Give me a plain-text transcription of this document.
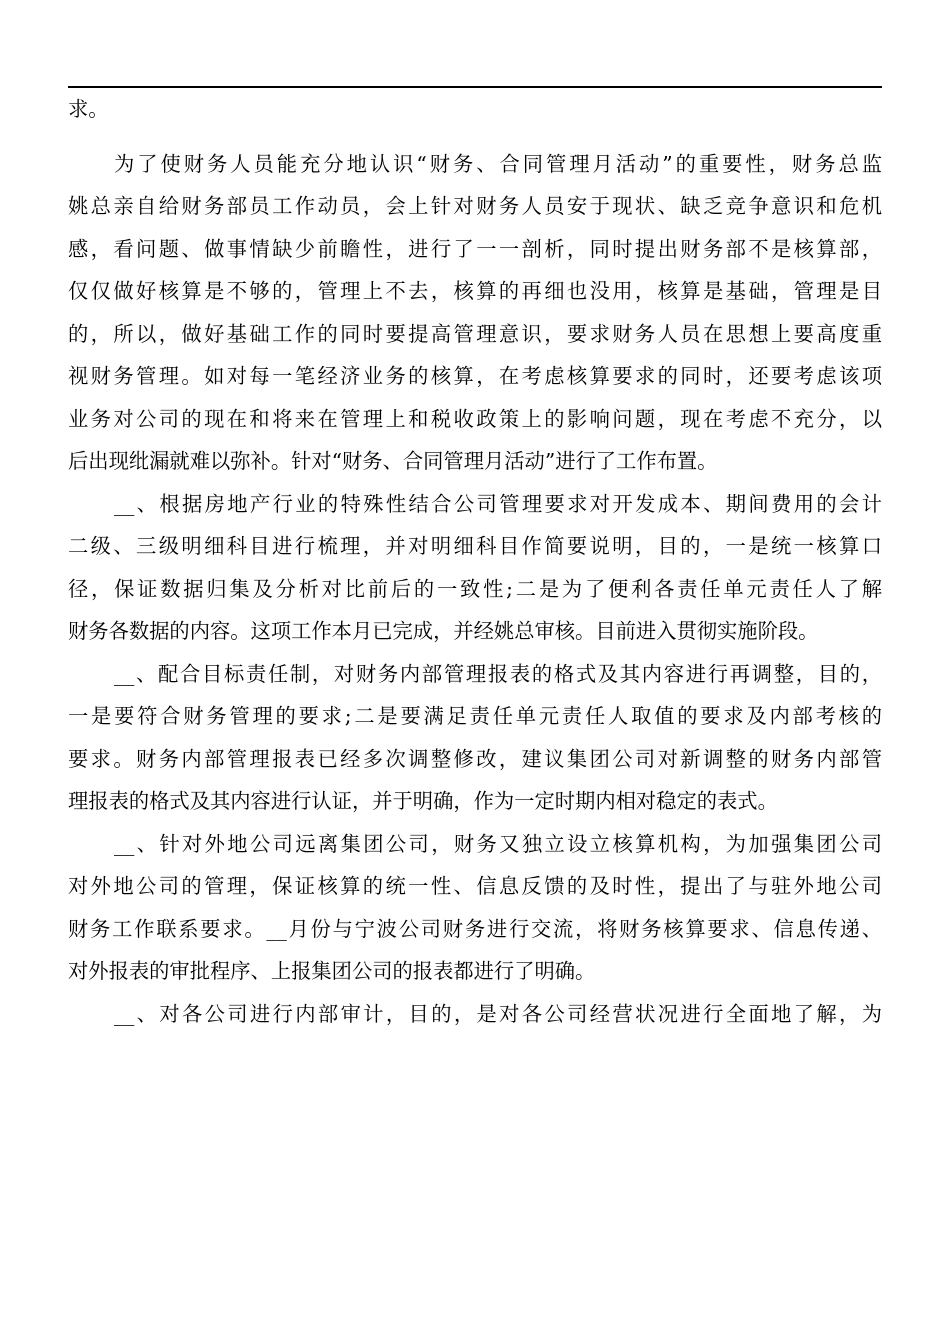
求。
为了使财务人员能充分地认识“财务、合同管理月活动”的重要性，财务总监
姚总亲自给财务部员工作动员，会上针对财务人员安于现状、缺乏竞争意识和危机
感，看问题、做事情缺少前瞻性，进行了一一剖析，同时提出财务部不是核算部，
仅仅做好核算是不够的，管理上不去，核算的再细也没用，核算是基础，管理是目
的，所以，做好基础工作的同时要提高管理意识，要求财务人员在思想上要高度重
视财务管理。如对每一笔经济业务的核算，在考虑核算要求的同时，还要考虑该项
业务对公司的现在和将来在管理上和税收政策上的影响问题，现在考虑不充分，以
后出现纰漏就难以弥补。针对“财务、合同管理月活动”进行了工作布置。
__、根据房地产行业的特殊性结合公司管理要求对开发成本、期间费用的会计
二级、三级明细科目进行梳理，并对明细科目作简要说明，目的，一是统一核算口
径，保证数据归集及分析对比前后的一致性;二是为了便利各责任单元责任人了解
财务各数据的内容。这项工作本月已完成，并经姚总审核。目前进入贯彻实施阶段。
__、配合目标责任制，对财务内部管理报表的格式及其内容进行再调整，目的，
一是要符合财务管理的要求;二是要满足责任单元责任人取值的要求及内部考核的
要求。财务内部管理报表已经多次调整修改，建议集团公司对新调整的财务内部管
理报表的格式及其内容进行认证，并于明确，作为一定时期内相对稳定的表式。
__、针对外地公司远离集团公司，财务又独立设立核算机构，为加强集团公司
对外地公司的管理，保证核算的统一性、信息反馈的及时性，提出了与驻外地公司
财务工作联系要求。__月份与宁波公司财务进行交流，将财务核算要求、信息传递、
对外报表的审批程序、上报集团公司的报表都进行了明确。
__、对各公司进行内部审计，目的，是对各公司经营状况进行全面地了解，为
